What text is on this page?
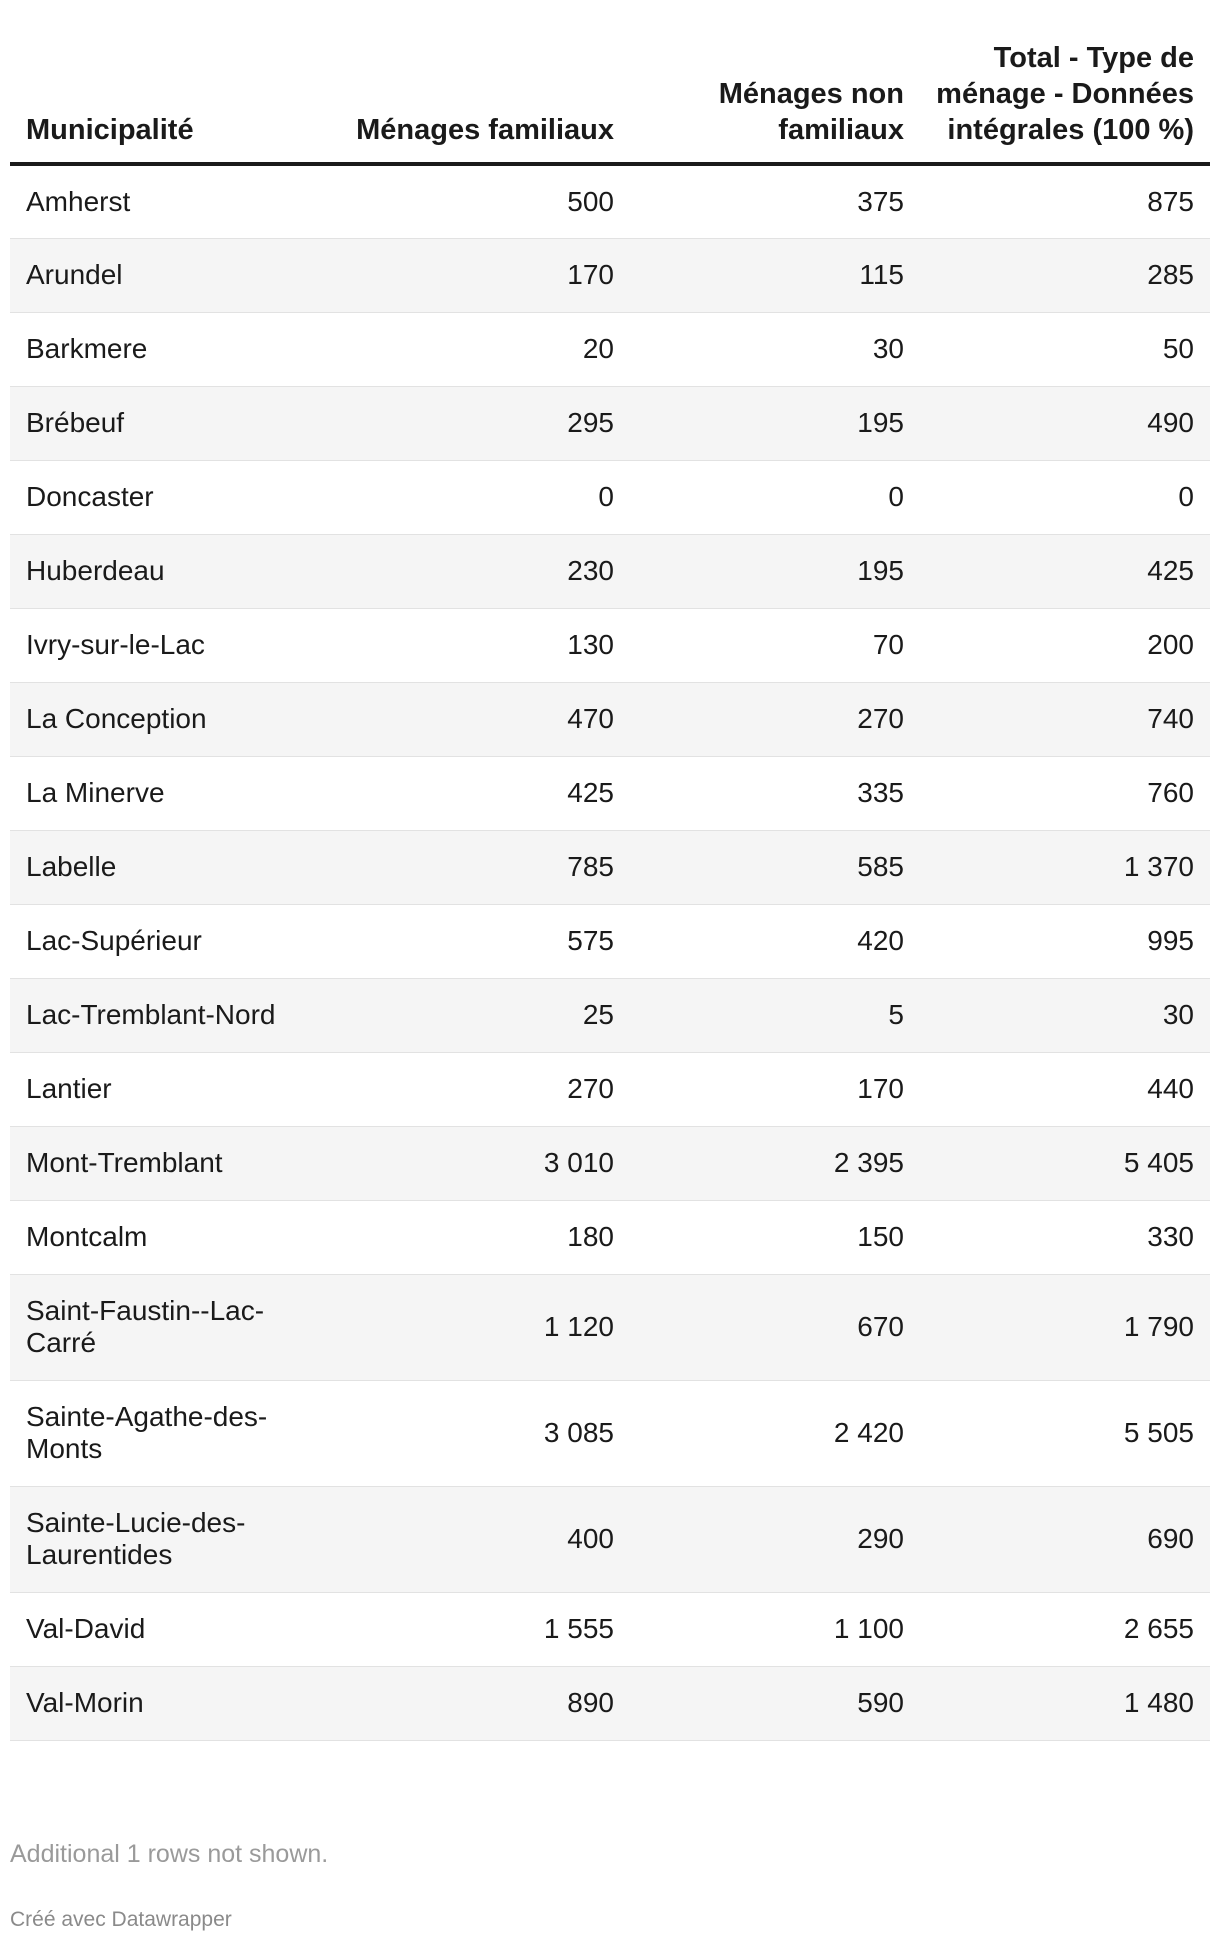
Municipalité	Ménages familiaux	Ménages non familiaux	Total - Type de ménage - Données intégrales (100 %)
Amherst	500	375	875
Arundel	170	115	285
Barkmere	20	30	50
Brébeuf	295	195	490
Doncaster	0	0	0
Huberdeau	230	195	425
Ivry-sur-le-Lac	130	70	200
La Conception	470	270	740
La Minerve	425	335	760
Labelle	785	585	1 370
Lac-Supérieur	575	420	995
Lac-Tremblant-Nord	25	5	30
Lantier	270	170	440
Mont-Tremblant	3 010	2 395	5 405
Montcalm	180	150	330
Saint-Faustin--Lac-Carré	1 120	670	1 790
Sainte-Agathe-des-Monts	3 085	2 420	5 505
Sainte-Lucie-des-Laurentides	400	290	690
Val-David	1 555	1 100	2 655
Val-Morin	890	590	1 480
Additional 1 rows not shown.
Créé avec Datawrapper
